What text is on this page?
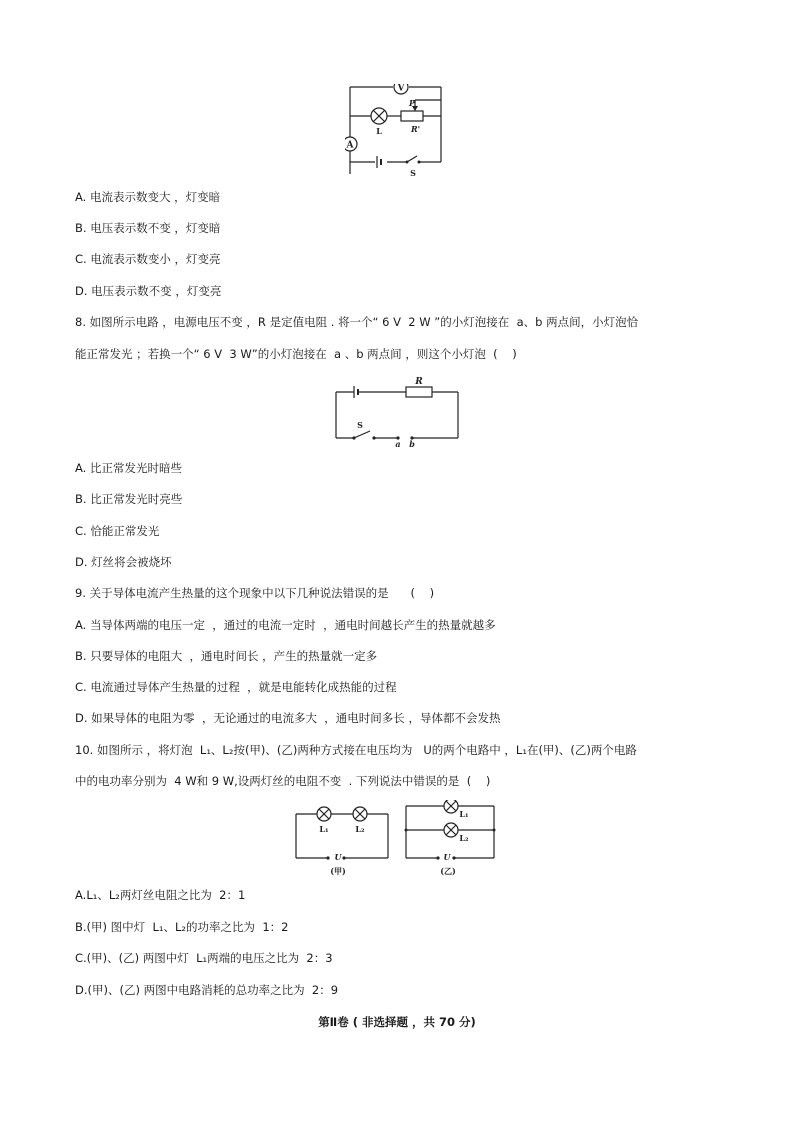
V
A
L
P
R'
S
A. 电流表示数变大 ，灯变暗
B. 电压表示数不变 ，灯变暗
C. 电流表示数变小 ，灯变亮
D. 电压表示数不变 ，灯变亮
8. 如图所示电路 ，电源电压不变 ，R 是定值电阻 . 将一个“ 6 V  2 W ”的小灯泡接在  a、b 两点间，小灯泡恰
能正常发光 ；若换一个“ 6 V  3 W”的小灯泡接在  a 、b 两点间 ，则这个小灯泡  (    )
R
S
a b
A. 比正常发光时暗些
B. 比正常发光时亮些
C. 恰能正常发光
D. 灯丝将会被烧坏
9. 关于导体电流产生热量的这个现象中以下几种说法错误的是      (    )
A. 当导体两端的电压一定  ，通过的电流一定时  ，通电时间越长产生的热量就越多
B. 只要导体的电阻大  ，通电时间长 ，产生的热量就一定多
C. 电流通过导体产生热量的过程  ，就是电能转化成热能的过程
D. 如果导体的电阻为零  ，无论通过的电流多大  ，通电时间多长 ，导体都不会发热
10. 如图所示 ，将灯泡  L₁、L₂按(甲)、(乙)两种方式接在电压均为   U的两个电路中 ，L₁在(甲)、(乙)两个电路
中的电功率分别为  4 W和 9 W,设两灯丝的电阻不变  . 下列说法中错误的是  (    )
L₁	L₂
U
(甲)
L₁
L₂
U
(乙)
A.L₁、L₂两灯丝电阻之比为  2：1
B.(甲) 图中灯  L₁、L₂的功率之比为  1：2
C.(甲)、(乙) 两图中灯  L₁两端的电压之比为  2：3
D.(甲)、(乙) 两图中电路消耗的总功率之比为  2：9
第Ⅱ卷 ( 非选择题 ，共 70 分)
